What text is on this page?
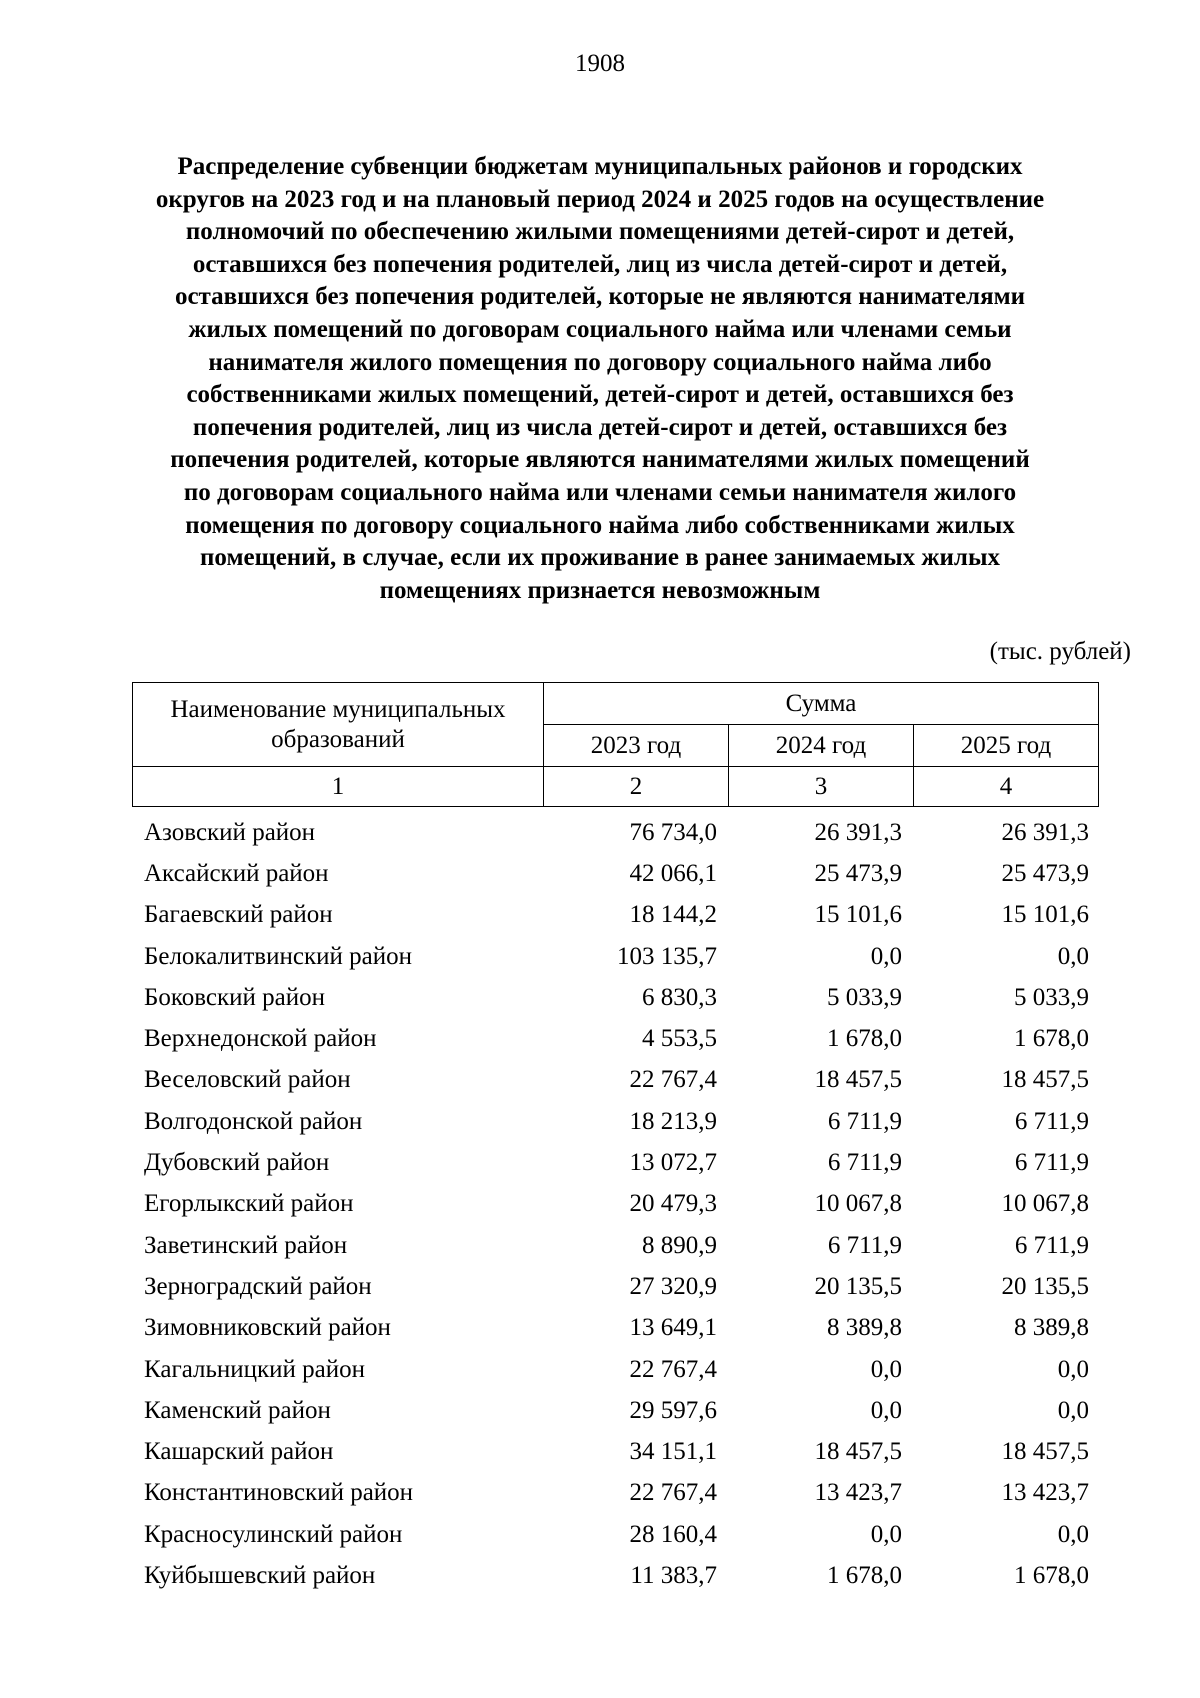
1908
Распределение субвенции бюджетам муниципальных районов и городских
округов на 2023 год и на плановый период 2024 и 2025 годов на осуществление
полномочий по обеспечению жилыми помещениями детей-сирот и детей,
оставшихся без попечения родителей, лиц из числа детей-сирот и детей,
оставшихся без попечения родителей, которые не являются нанимателями
жилых помещений по договорам социального найма или членами семьи
нанимателя жилого помещения по договору социального найма либо
собственниками жилых помещений, детей-сирот и детей, оставшихся без
попечения родителей, лиц из числа детей-сирот и детей, оставшихся без
попечения родителей, которые являются нанимателями жилых помещений
по договорам социального найма или членами семьи нанимателя жилого
помещения по договору социального найма либо собственниками жилых
помещений, в случае, если их проживание в ранее занимаемых жилых
помещениях признается невозможным
(тыс. рублей)
Наименование муниципальных образований	Сумма		
	2023 год	2024 год	2025 год
1	2	3	4
Азовский район	76 734,0	26 391,3	26 391,3
Аксайский район	42 066,1	25 473,9	25 473,9
Багаевский район	18 144,2	15 101,6	15 101,6
Белокалитвинский район	103 135,7	0,0	0,0
Боковский район	6 830,3	5 033,9	5 033,9
Верхнедонской район	4 553,5	1 678,0	1 678,0
Веселовский район	22 767,4	18 457,5	18 457,5
Волгодонской район	18 213,9	6 711,9	6 711,9
Дубовский район	13 072,7	6 711,9	6 711,9
Егорлыкский район	20 479,3	10 067,8	10 067,8
Заветинский район	8 890,9	6 711,9	6 711,9
Зерноградский район	27 320,9	20 135,5	20 135,5
Зимовниковский район	13 649,1	8 389,8	8 389,8
Кагальницкий район	22 767,4	0,0	0,0
Каменский район	29 597,6	0,0	0,0
Кашарский район	34 151,1	18 457,5	18 457,5
Константиновский район	22 767,4	13 423,7	13 423,7
Красносулинский район	28 160,4	0,0	0,0
Куйбышевский район	11 383,7	1 678,0	1 678,0
